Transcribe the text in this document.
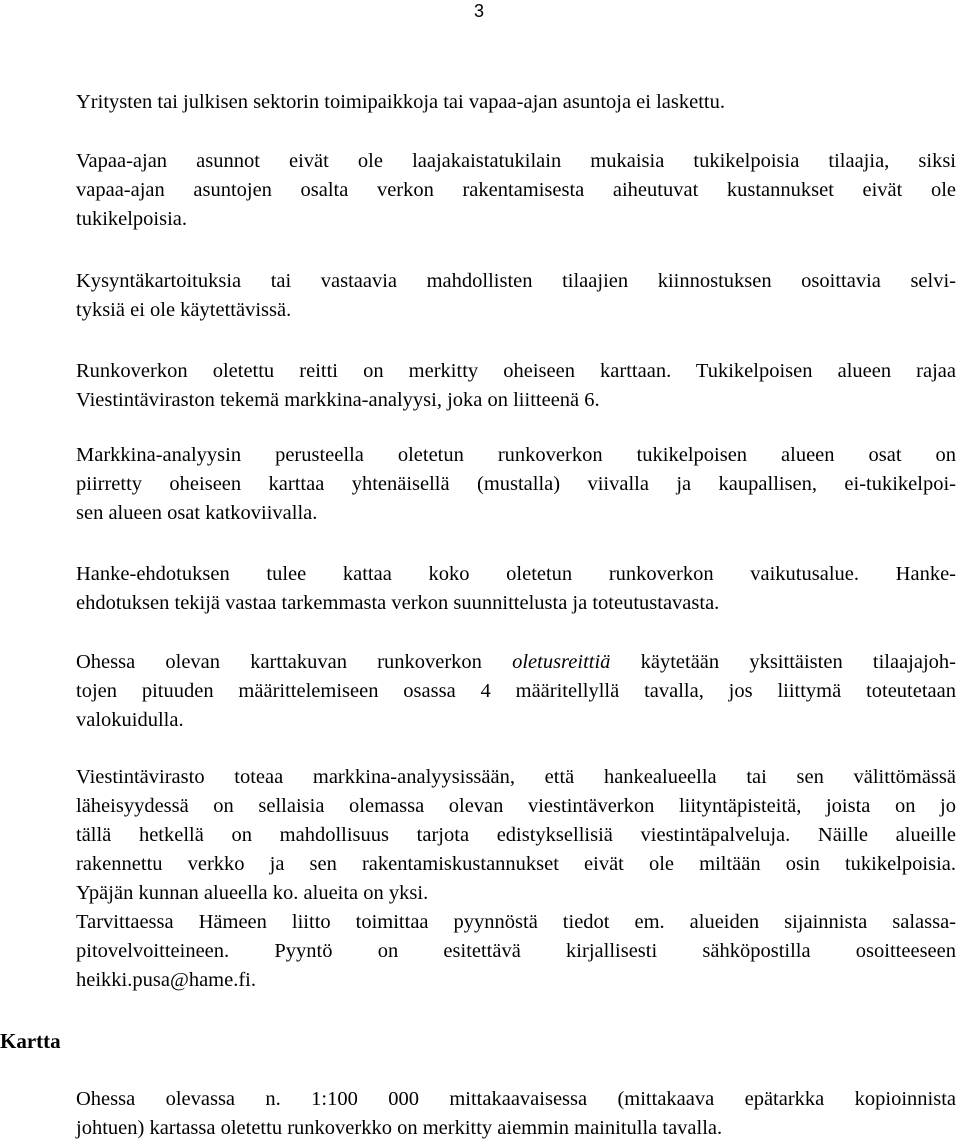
3

Yritysten tai julkisen sektorin toimipaikkoja tai vapaa-ajan asuntoja ei laskettu.

Vapaa-ajan asunnot eivät ole laajakaistatukilain mukaisia tukikelpoisia tilaajia, siksi
vapaa-ajan asuntojen osalta verkon rakentamisesta aiheutuvat kustannukset eivät ole
tukikelpoisia.

Kysyntäkartoituksia tai vastaavia mahdollisten tilaajien kiinnostuksen osoittavia selvi-
tyksiä ei ole käytettävissä.

Runkoverkon oletettu reitti on merkitty oheiseen karttaan. Tukikelpoisen alueen rajaa
Viestintäviraston tekemä markkina-analyysi, joka on liitteenä 6.

Markkina-analyysin perusteella oletetun runkoverkon tukikelpoisen alueen osat on
piirretty oheiseen karttaa yhtenäisellä (mustalla) viivalla ja kaupallisen, ei-tukikelpoi-
sen alueen osat katkoviivalla.

Hanke-ehdotuksen tulee kattaa koko oletetun runkoverkon vaikutusalue. Hanke-
ehdotuksen tekijä vastaa tarkemmasta verkon suunnittelusta ja toteutustavasta.

Ohessa olevan karttakuvan runkoverkon oletusreittiä käytetään yksittäisten tilaajajoh-
tojen pituuden määrittelemiseen osassa 4 määritellyllä tavalla, jos liittymä toteutetaan
valokuidulla.

Viestintävirasto toteaa markkina-analyysissään, että hankealueella tai sen välittömässä
läheisyydessä on sellaisia olemassa olevan viestintäverkon liityntäpisteitä, joista on jo
tällä hetkellä on mahdollisuus tarjota edistyksellisiä viestintäpalveluja. Näille alueille
rakennettu verkko ja sen rakentamiskustannukset eivät ole miltään osin tukikelpoisia.
Ypäjän kunnan alueella ko. alueita on yksi.
Tarvittaessa Hämeen liitto toimittaa pyynnöstä tiedot em. alueiden sijainnista salassa-
pitovelvoitteineen. Pyyntö on esitettävä kirjallisesti sähköpostilla osoitteeseen
heikki.pusa@hame.fi.

Kartta

Ohessa olevassa n. 1:100 000 mittakaavaisessa (mittakaava epätarkka kopioinnista
johtuen) kartassa oletettu runkoverkko on merkitty aiemmin mainitulla tavalla.
